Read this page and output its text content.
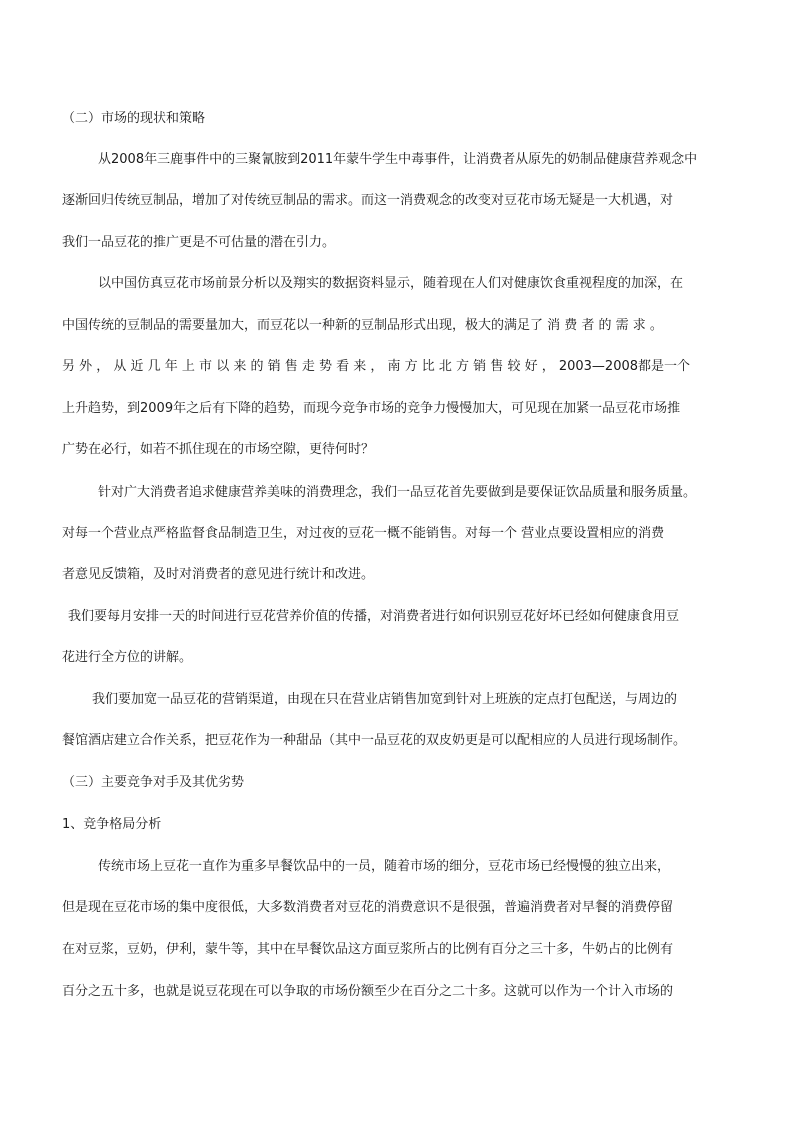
（二）市场的现状和策略
从2008年三鹿事件中的三聚氰胺到2011年蒙牛学生中毒事件，让消费者从原先的奶制品健康营养观念中
逐渐回归传统豆制品，增加了对传统豆制品的需求。而这一消费观念的改变对豆花市场无疑是一大机遇，对
我们一品豆花的推广更是不可估量的潜在引力。
以中国仿真豆花市场前景分析以及翔实的数据资料显示，随着现在人们对健康饮食重视程度的加深，在
中国传统的豆制品的需要量加大，而豆花以一种新的豆制品形式出现，极大的满足了 消 费 者 的 需 求 。
另 外 ， 从 近 几 年 上 市 以 来 的 销 售 走 势 看 来 ， 南 方 比 北 方 销 售 较 好 ， 2003—2008都是一个
上升趋势，到2009年之后有下降的趋势，而现今竞争市场的竞争力慢慢加大，可见现在加紧一品豆花市场推
广势在必行，如若不抓住现在的市场空隙，更待何时？
针对广大消费者追求健康营养美味的消费理念，我们一品豆花首先要做到是要保证饮品质量和服务质量。
对每一个营业点严格监督食品制造卫生，对过夜的豆花一概不能销售。对每一个 营业点要设置相应的消费
者意见反馈箱，及时对消费者的意见进行统计和改进。
我们要每月安排一天的时间进行豆花营养价值的传播，对消费者进行如何识别豆花好坏已经如何健康食用豆
花进行全方位的讲解。
我们要加宽一品豆花的营销渠道，由现在只在营业店销售加宽到针对上班族的定点打包配送，与周边的
餐馆酒店建立合作关系，把豆花作为一种甜品（其中一品豆花的双皮奶更是可以配相应的人员进行现场制作。
（三）主要竞争对手及其优劣势
1、竞争格局分析
传统市场上豆花一直作为重多早餐饮品中的一员，随着市场的细分，豆花市场已经慢慢的独立出来，
但是现在豆花市场的集中度很低，大多数消费者对豆花的消费意识不是很强，普遍消费者对早餐的消费停留
在对豆浆，豆奶，伊利，蒙牛等，其中在早餐饮品这方面豆浆所占的比例有百分之三十多，牛奶占的比例有
百分之五十多，也就是说豆花现在可以争取的市场份额至少在百分之二十多。这就可以作为一个计入市场的
